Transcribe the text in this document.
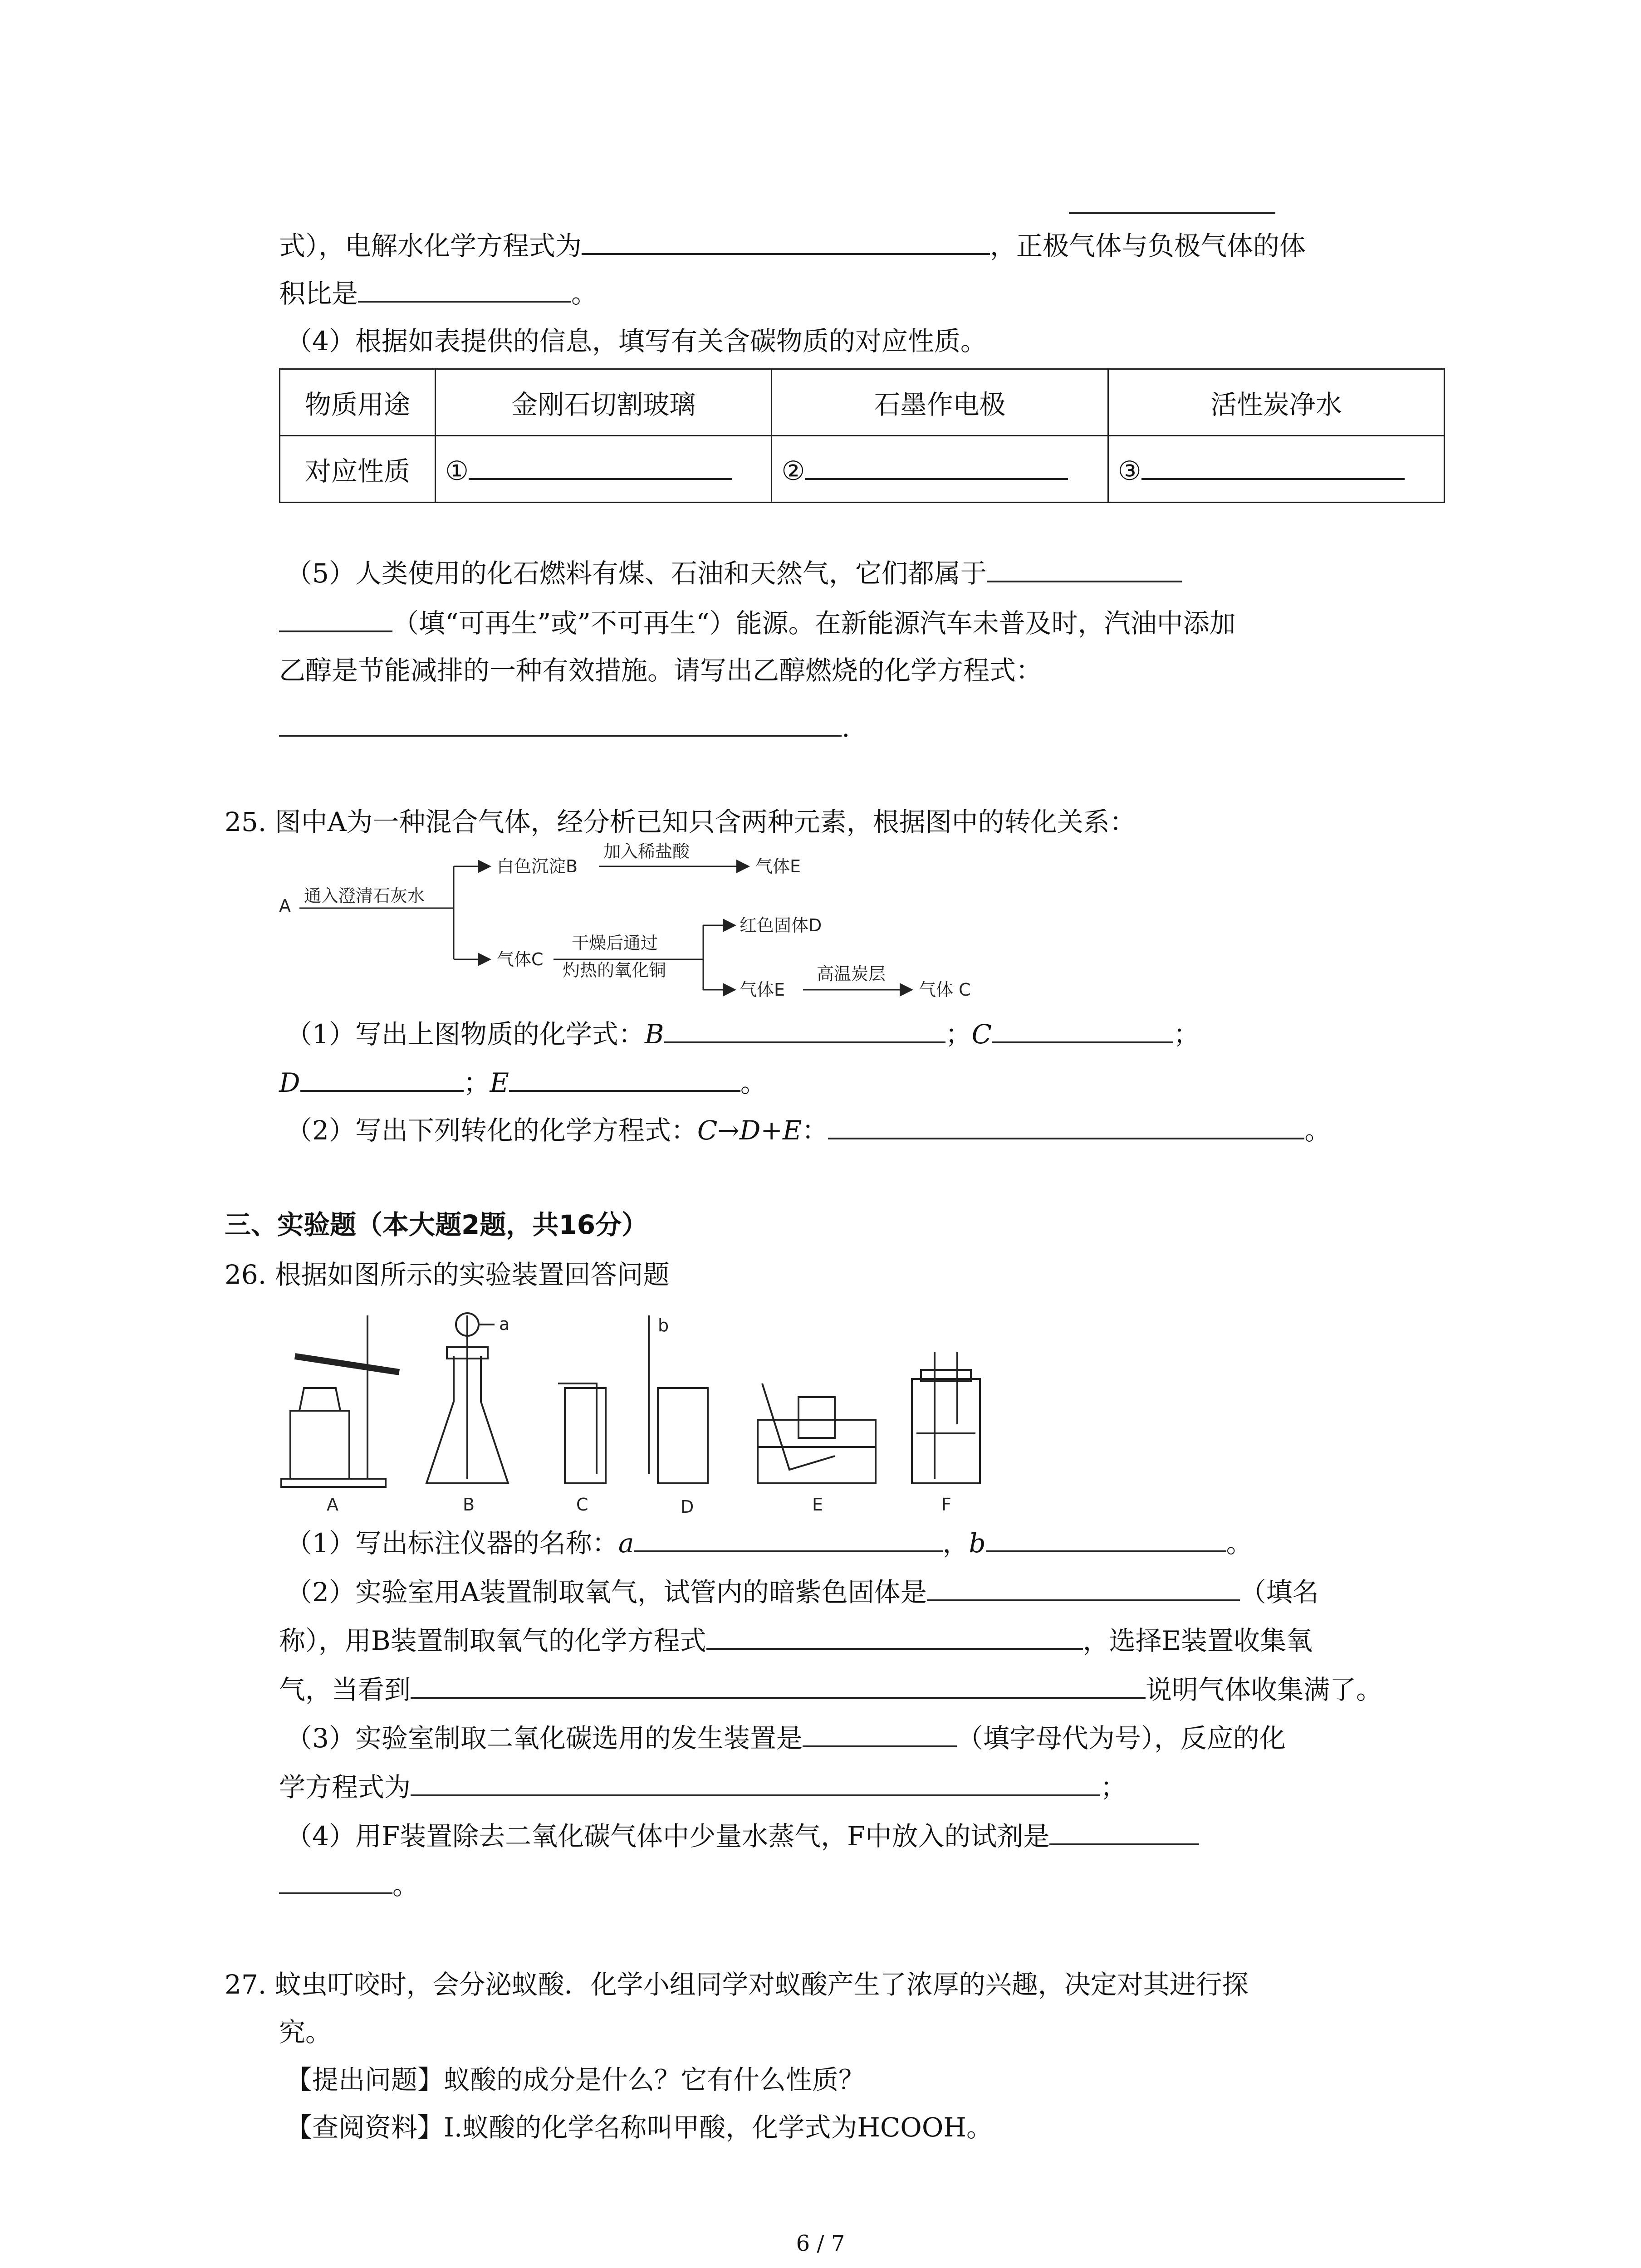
式），电解水化学方程式为	，正极气体与负极气体的体
积比是	。
（4）根据如表提供的信息，填写有关含碳物质的对应性质。
物质用途	金刚石切割玻璃	石墨作电极	活性炭净水
对应性质	①	②	③
（5）人类使用的化石燃料有煤、石油和天然气，它们都属于
（填“可再生”或”不可再生“）能源。在新能源汽车未普及时，汽油中添加
乙醇是节能减排的一种有效措施。请写出乙醇燃烧的化学方程式：
.
25. 图中A为一种混合气体，经分析已知只含两种元素，根据图中的转化关系：
A 通入澄清石灰水
白色沉淀B
加入稀盐酸
气体E
气体C
干燥后通过
灼热的氧化铜
红色固体D
气体E
高温炭层
气体 C
（1）写出上图物质的化学式：B	；C	；
D	；E	。
（2）写出下列转化的化学方程式：C→D+E：	。
三、实验题（本大题2题，共16分）
26. 根据如图所示的实验装置回答问题
A	B	C	D	E	F
a	b
（1）写出标注仪器的名称：a	，b	。
（2）实验室用A装置制取氧气，试管内的暗紫色固体是	（填名
称），用B装置制取氧气的化学方程式	，选择E装置收集氧
气，当看到	说明气体收集满了。
（3）实验室制取二氧化碳选用的发生装置是	（填字母代为号），反应的化
学方程式为	；
（4）用F装置除去二氧化碳气体中少量水蒸气，F中放入的试剂是
。
27. 蚊虫叮咬时，会分泌蚁酸．化学小组同学对蚁酸产生了浓厚的兴趣，决定对其进行探
究。
【提出问题】蚁酸的成分是什么？它有什么性质？
【查阅资料】Ⅰ.蚁酸的化学名称叫甲酸，化学式为HCOOH。
6 / 7
